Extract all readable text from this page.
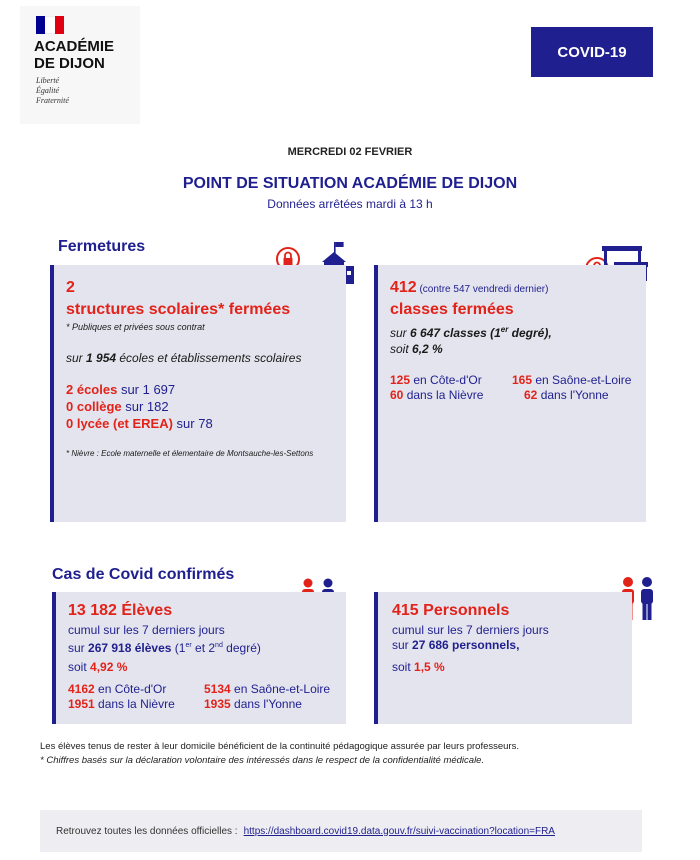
ACADÉMIE
DE DIJON
Liberté
Égalité
Fraternité
COVID-19
MERCREDI 02 FEVRIER
POINT DE SITUATION ACADÉMIE DE DIJON
Données arrêtées mardi à 13 h
Fermetures
2
structures scolaires* fermées
* Publiques et privées sous contrat
sur 1 954 écoles et établissements scolaires
2 écoles sur 1 697
0 collège sur 182
0 lycée (et EREA) sur 78
* Nièvre : Ecole maternelle et élementaire de Montsauche-les-Settons
412 (contre 547 vendredi dernier)
classes fermées
sur 6 647 classes (1er degré),
soit 6,2 %
125 en Côte-d'Or
60 dans la Nièvre
165 en Saône-et-Loire
62 dans l'Yonne
Cas de Covid confirmés
13 182 Élèves
cumul sur les 7 derniers jours
sur 267 918 élèves (1er et 2nd degré)
soit 4,92 %
4162 en Côte-d'Or
1951 dans la Nièvre
5134 en Saône-et-Loire
1935 dans l'Yonne
415 Personnels
cumul sur les 7 derniers jours
sur 27 686 personnels,
soit 1,5 %
Les élèves tenus de rester à leur domicile bénéficient de la continuité pédagogique assurée par leurs professeurs.
* Chiffres basés sur la déclaration volontaire des intéressés dans le respect de la confidentialité médicale.
Retrouvez toutes les données officielles : https://dashboard.covid19.data.gouv.fr/suivi-vaccination?location=FRA
